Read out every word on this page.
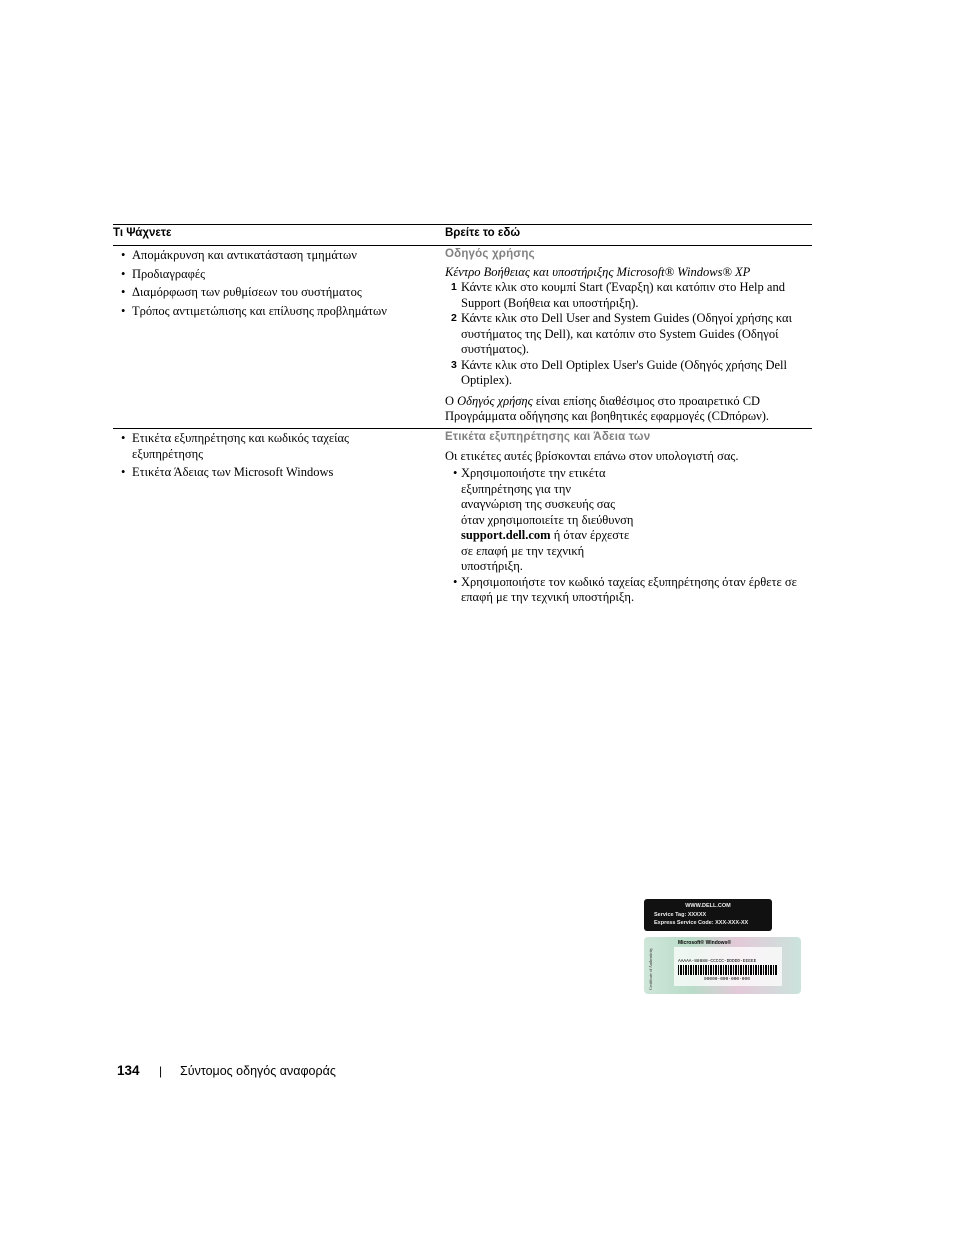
Τι Ψάχνετε	Βρείτε το εδώ
• Απομάκρυνση και αντικατάσταση τμημάτων
• Προδιαγραφές
• Διαμόρφωση των ρυθμίσεων του συστήματος
• Τρόπος αντιμετώπισης και επίλυσης προβλημάτων
Οδηγός χρήσης
Κέντρο Βοήθειας και υποστήριξης Microsoft® Windows® XP
1 Κάντε κλικ στο κουμπί Start (Έναρξη) και κατόπιν στο Help and Support (Βοήθεια και υποστήριξη).
2 Κάντε κλικ στο Dell User and System Guides (Οδηγοί χρήσης και συστήματος της Dell), και κατόπιν στο System Guides (Οδηγοί συστήματος).
3 Κάντε κλικ στο Dell Optiplex User's Guide (Οδηγός χρήσης Dell Optiplex).
Ο Οδηγός χρήσης είναι επίσης διαθέσιμος στο προαιρετικό CD Προγράμματα οδήγησης και βοηθητικές εφαρμογές (CDπόρων).
• Ετικέτα εξυπηρέτησης και κωδικός ταχείας εξυπηρέτησης
• Ετικέτα Άδειας των Microsoft Windows
Ετικέτα εξυπηρέτησης και Άδεια των
Οι ετικέτες αυτές βρίσκονται επάνω στον υπολογιστή σας.
• Χρησιμοποιήστε την ετικέτα εξυπηρέτησης για την αναγνώριση της συσκευής σας όταν χρησιμοποιείτε τη διεύθυνση support.dell.com ή όταν έρχεστε σε επαφή με την τεχνική υποστήριξη.
• Χρησιμοποιήστε τον κωδικό ταχείας εξυπηρέτησης όταν έρθετε σε επαφή με την τεχνική υποστήριξη.
WWW.DELL.COM
Service Tag: XXXXX
Express Service Code: XXX-XXX-XX
Certificate of Authenticity
Microsoft® Windows®
AAAAA-88888-CCCCC-DDDDD-EEEEE
00000-000-000-000
134 | Σύντομος οδηγός αναφοράς
